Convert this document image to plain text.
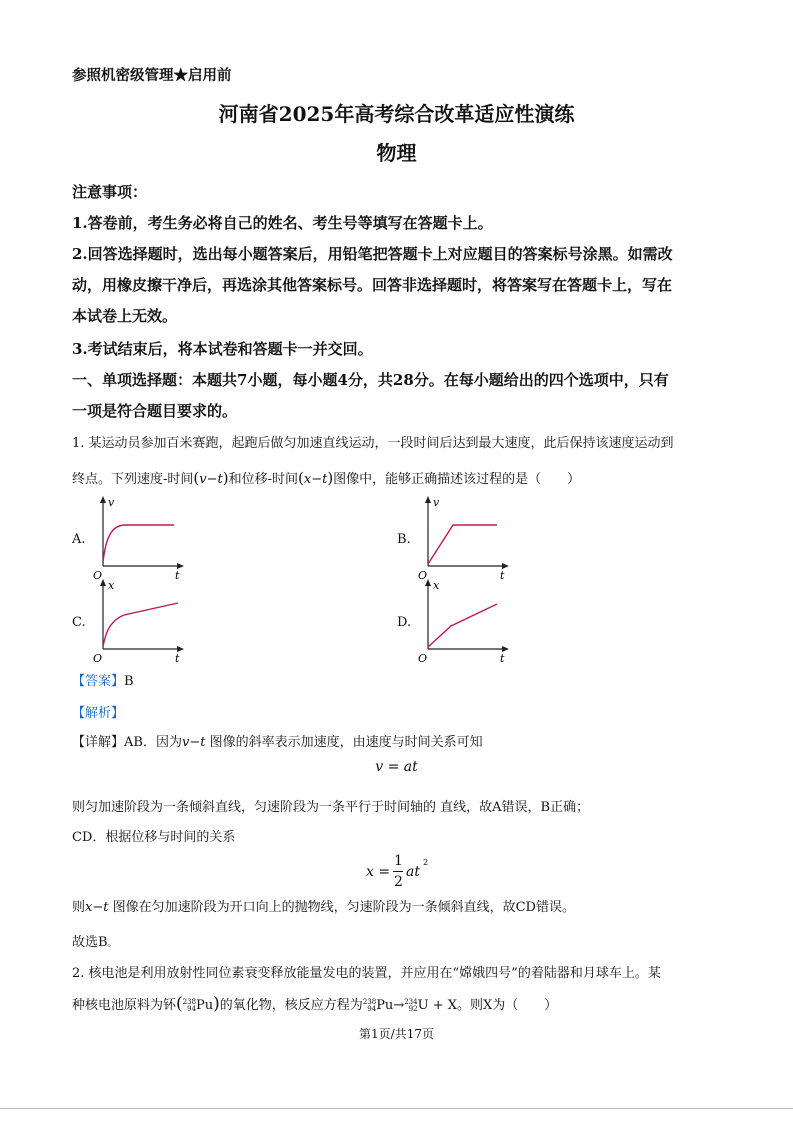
参照机密级管理★启用前
河南省2025年高考综合改革适应性演练
物理
注意事项：
1.答卷前，考生务必将自己的姓名、考生号等填写在答题卡上。
2.回答选择题时，选出每小题答案后，用铅笔把答题卡上对应题目的答案标号涂黑。如需改
动，用橡皮擦干净后，再选涂其他答案标号。回答非选择题时，将答案写在答题卡上，写在
本试卷上无效。
3.考试结束后，将本试卷和答题卡一并交回。
一、单项选择题：本题共7小题，每小题4分，共28分。在每小题给出的四个选项中，只有
一项是符合题目要求的。
1. 某运动员参加百米赛跑，起跑后做匀加速直线运动，一段时间后达到最大速度，此后保持该速度运动到
终点。下列速度-时间(v−t)和位移-时间(x−t)图像中，能够正确描述该过程的是（　　）
A.	B.
C.	D.
v
t
O
v
t
O
x
t
O
x
t
O
【答案】B
【解析】
【详解】AB．因为v−t 图像的斜率表示加速度，由速度与时间关系可知
v = at
则匀加速阶段为一条倾斜直线，匀速阶段为一条平行于时间轴的 直线，故A错误，B正确；
CD．根据位移与时间的关系
x =
1
2
at
2
则x−t 图像在匀加速阶段为开口向上的抛物线，匀速阶段为一条倾斜直线，故CD错误。
故选B。
2. 核电池是利用放射性同位素衰变释放能量发电的装置，并应用在“嫦娥四号”的着陆器和月球车上。某
种核电池原料为钚(238
94Pu)的氧化物，核反应方程为238
94Pu→234
92U + X。则X为（　　）
第1页/共17页
